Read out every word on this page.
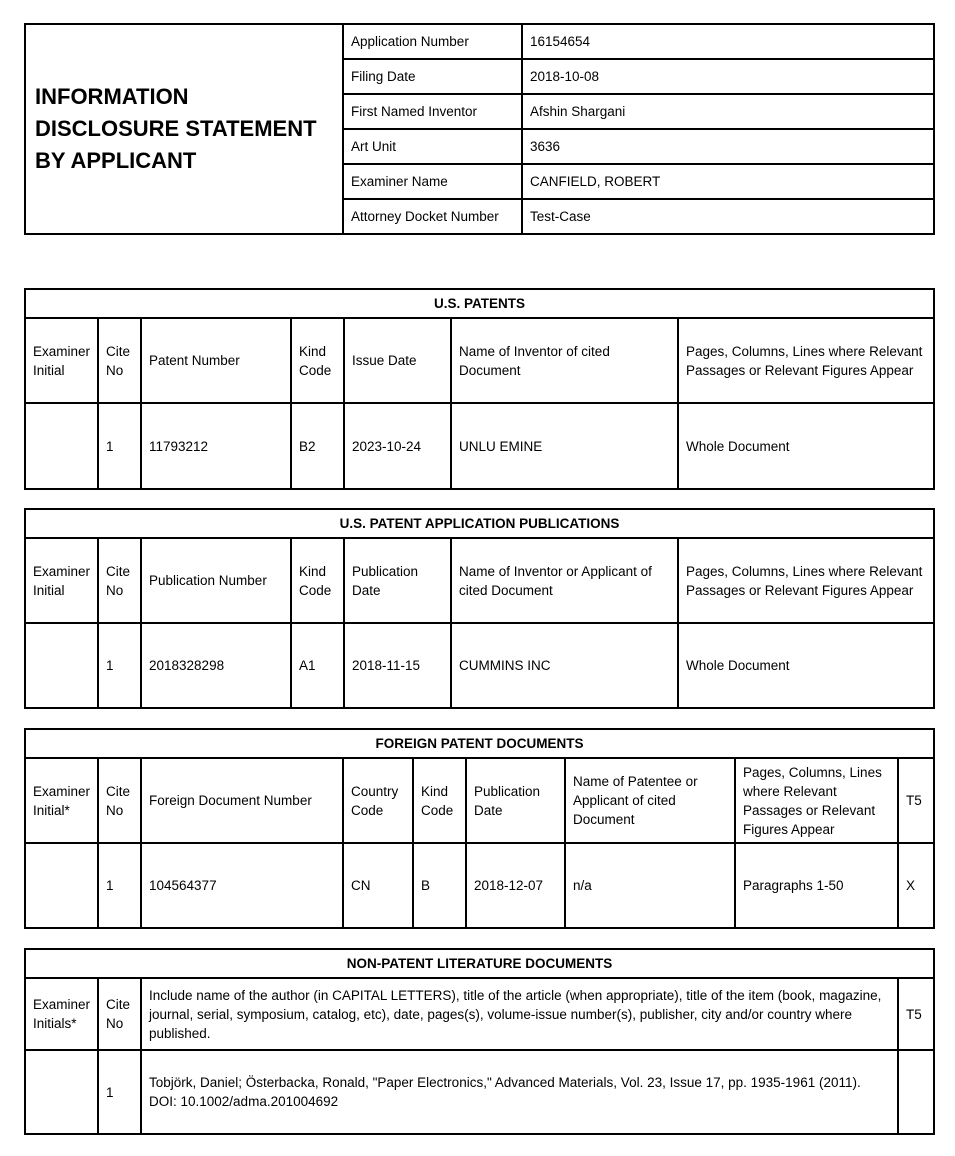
INFORMATION DISCLOSURE STATEMENT BY APPLICANT	Application Number	16154654
	Filing Date	2018-10-08
	First Named Inventor	Afshin Shargani
	Art Unit	3636
	Examiner Name	CANFIELD, ROBERT
	Attorney Docket Number	Test-Case
U.S. PATENTS						
Examiner Initial	Cite No	Patent Number	Kind Code	Issue Date	Name of Inventor of cited Document	Pages, Columns, Lines where Relevant Passages or Relevant Figures Appear
	1	11793212	B2	2023-10-24	UNLU EMINE	Whole Document
U.S. PATENT APPLICATION PUBLICATIONS						
Examiner Initial	Cite No	Publication Number	Kind Code	Publication Date	Name of Inventor or Applicant of cited Document	Pages, Columns, Lines where Relevant Passages or Relevant Figures Appear
	1	2018328298	A1	2018-11-15	CUMMINS INC	Whole Document
FOREIGN PATENT DOCUMENTS								
Examiner Initial*	Cite No	Foreign Document Number	Country Code	Kind Code	Publication Date	Name of Patentee or Applicant of cited Document	Pages, Columns, Lines where Relevant Passages or Relevant Figures Appear	T5
	1	104564377	CN	B	2018-12-07	n/a	Paragraphs 1-50	X
NON-PATENT LITERATURE DOCUMENTS			
Examiner Initials*	Cite No	Include name of the author (in CAPITAL LETTERS), title of the article (when appropriate), title of the item (book, magazine, journal, serial, symposium, catalog, etc), date, pages(s), volume-issue number(s), publisher, city and/or country where published.	T5
	1	Tobjörk, Daniel; Österbacka, Ronald, "Paper Electronics," Advanced Materials, Vol. 23, Issue 17, pp. 1935-1961 (2011). DOI: 10.1002/adma.201004692	
